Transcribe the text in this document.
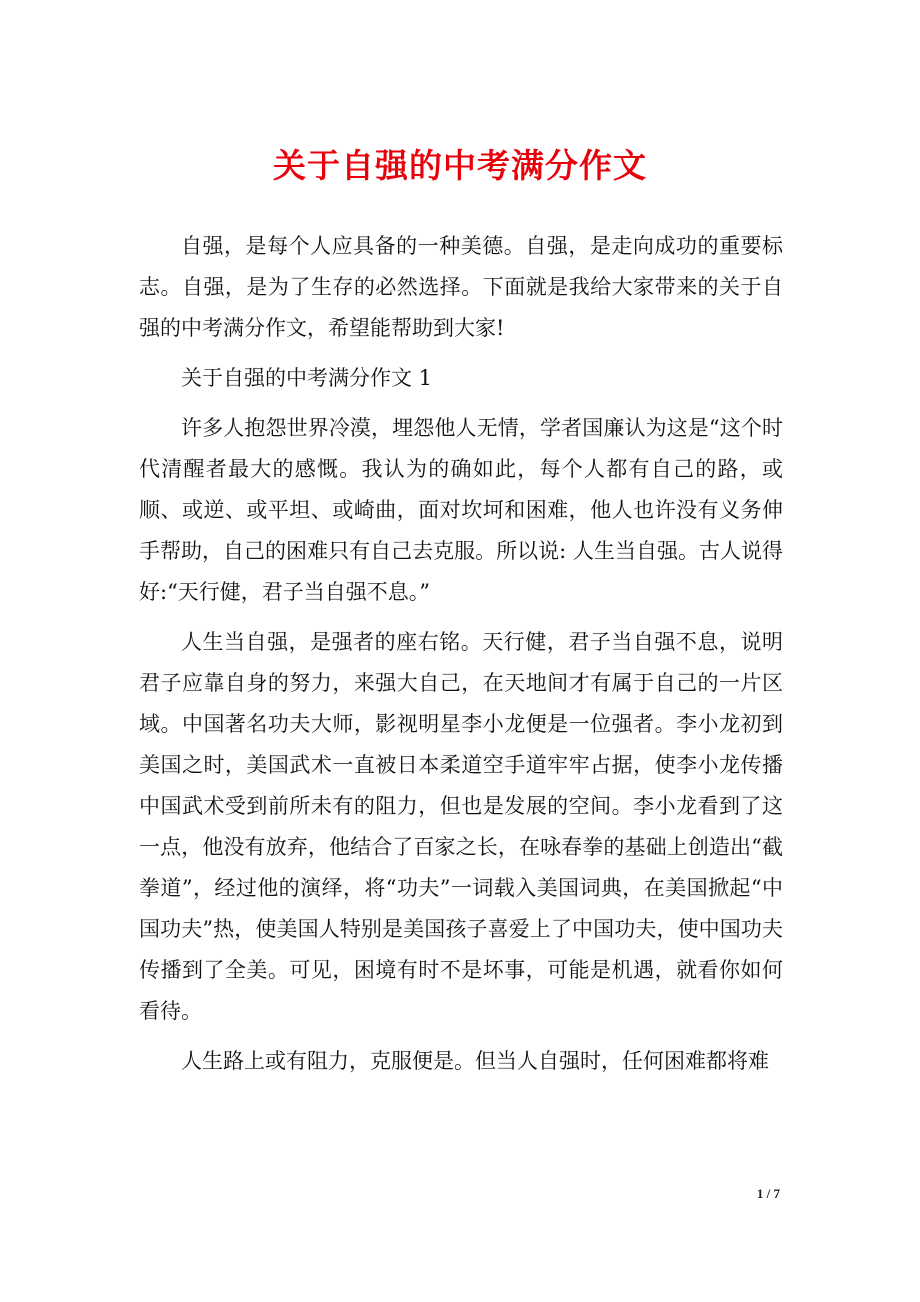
关于自强的中考满分作文

自强，是每个人应具备的一种美德。自强，是走向成功的重要标志。自强，是为了生存的必然选择。下面就是我给大家带来的关于自强的中考满分作文，希望能帮助到大家!

关于自强的中考满分作文 1

许多人抱怨世界冷漠，埋怨他人无情，学者国廉认为这是“这个时代清醒者最大的感慨。我认为的确如此，每个人都有自己的路，或顺、或逆、或平坦、或崎曲，面对坎坷和困难，他人也许没有义务伸手帮助，自己的困难只有自己去克服。所以说: 人生当自强。古人说得好:“天行健，君子当自强不息。”

人生当自强，是强者的座右铭。天行健，君子当自强不息，说明君子应靠自身的努力，来强大自己，在天地间才有属于自己的一片区域。中国著名功夫大师，影视明星李小龙便是一位强者。李小龙初到美国之时，美国武术一直被日本柔道空手道牢牢占据，使李小龙传播中国武术受到前所未有的阻力，但也是发展的空间。李小龙看到了这一点，他没有放弃，他结合了百家之长，在咏春拳的基础上创造出“截拳道”，经过他的演绎，将“功夫”一词载入美国词典，在美国掀起“中国功夫”热，使美国人特别是美国孩子喜爱上了中国功夫，使中国功夫传播到了全美。可见，困境有时不是坏事，可能是机遇，就看你如何看待。

人生路上或有阻力，克服便是。但当人自强时，任何困难都将难

1 / 7
